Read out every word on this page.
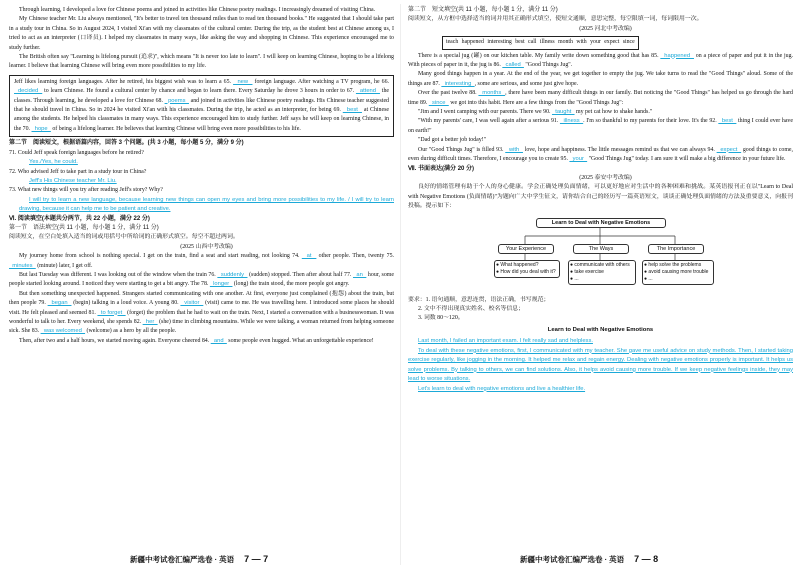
Through learning, I developed a love for Chinese poems and joined in activities like Chinese poetry readings. I increasingly dreamed of visiting China.

My Chinese teacher Mr. Liu always mentioned, "It's better to travel ten thousand miles than to read ten thousand books." He suggested that I should take part in a study tour in China. So in August 2024, I visited Xi'an with my classmates of the cultural center. During the trip, as the student best at Chinese among us, I tried to act as an interpreter (口译员). I helped my classmates in many ways, like asking the way and shopping in Chinese. This experience encouraged me to study further.

The British often say "Learning is lifelong pursuit (追求)", which means "It is never too late to learn". I will keep on learning Chinese, hoping to be a lifelong learner. I believe that learning Chinese will bring even more possibilities to my life.

Jeff likes learning foreign languages. After he retired, his biggest wish was to learn a 65.   new   foreign language. After watching a TV program, he 66.   decided   to learn Chinese. He found a cultural center by chance and began to learn there. Every Saturday he drove 3 hours in order to 67.   attend   the classes. Through learning, he developed a love for Chinese 68.   poems   and joined in activities like Chinese poetry readings. His Chinese teacher suggested that he should travel in China. So in 2024 he visited Xi'an with his classmates. During the trip, he acted as an interpreter, for being 69.   best   at Chinese among the students. He helped his classmates in many ways. This experience encouraged him to study further. Jeff says he will keep on learning Chinese, in the 70.   hope   of being a lifelong learner. He believes that learning Chinese will bring even more possibilities to his life.

第二节　阅读短文，根据语篇内容，回答 3 个问题。(共 3 小题，每小题 5 分，满分 9 分)

71. Could Jeff speak foreign languages before he retired?

Yes./Yes, he could.

72. Who advised Jeff to take part in a study tour in China?

Jeff's His Chinese teacher Mr. Liu.

73. What new things will you try after reading Jeff's story? Why?

I will try to learn a new language, because learning new things can open my eyes and bring more possibilities to my life. / I will try to learn drawing, because it can help me to be patient and creative.

Ⅵ. 阅读填空(本题共分两节，共 22 小题，满分 22 分)
第一节　语法填空(共 11 小题，每小题 1 分，满分 11 分)

阅读短文，在空白处填入适当的词或用括号中所给词的正确形式填空。每空不超过两词。

(2025 山西中考改编)

My journey home from school is nothing special. I get on the train, find a seat and start reading, not looking 74.   at   other people. Then, twenty 75.   minutes   (minute) later, I get off.

But last Tuesday was different. I was looking out of the window when the train 76.   suddenly   (sudden) stopped. Then after about half 77.   an   hour, some people started looking around. I noticed they were starting to get a bit angry. The 78.   longer   (long) the train stood, the more people got angry.

But then something unexpected happened. Strangers started communicating with one another. At first, everyone just complained (抱怨) about the train, but then people 79.   began   (begin) talking in a loud voice. A young 80.   visitor   (visit) came to me. He was travelling here. I introduced some places he should visit. He felt pleased and seemed 81.   to forget   (forget) the problem that he had to wait on the train. Next, I started a conversation with a businesswoman. It was wonderful to talk to her. Every weekend, she spends 82.   her   (she) time in climbing mountains. While we were talking, a woman returned from helping someone sick. She 83.   was welcomed   (welcome) as a hero by all the people.

Then, after two and a half hours, we started moving again. Everyone cheered 84.   and   some people even hugged. What an unforgettable experience!

新疆中考试卷汇编严选卷 · 英语 7 — 7
第二节　短文填空(共 11 小题，每小题 1 分，满分 11 分)

阅读短文，从方框中选择适当的词并用其正确形式填空，使短文通顺，意思完整，每空限填一词，每词限用一次。

(2025 河北中考改编)

teach happened interesting best call illness month with your expect since

There is a special jug (罐) on our kitchen table. My family write down something good that has 85.   happened   on a piece of paper and put it in the jug. With pieces of paper in it, the jug is 86.   called   "Good Things Jug".

Many good things happen in a year. At the end of the year, we get together to empty the jug. We take turns to read the "Good Things" aloud. Some of the things are 87.   interesting  , some are serious, and some just give hope.

Over the past twelve 88.   months  , there have been many difficult things in our family. But noticing the "Good Things" has helped us go through the hard time 89.   since   we got into this habit. Here are a few things from the "Good Things Jug":

"Jim and I went camping with our parents. There we 90.   taught   my pet cat how to shake hands."

"With my parents' care, I was well again after a serious 91.   illness  . I'm so thankful to my parents for their love. It's the 92.   best   thing I could ever have on earth!"

"Dad got a better job today!"

Our "Good Things Jug" is filled 93.   with   love, hope and happiness. The little messages remind us that we can always 94.   expect   good things to come, even during difficult times. Therefore, I encourage you to create 95.   your   "Good Things Jug" today. I am sure it will make a big difference in your future life.

Ⅶ. 书面表达(满分 20 分)

(2025 泰安中考改编)

良好的情绪管理有助于个人的身心健康。学会正确处理负面情绪，可以更好地应对生活中的各种困难和挑战。某英语报刊正在以"Learn to Deal with Negative Emotions (负面情绪)"为题向广大中学生征文，请你结合自己的经历写一篇英语短文，谈谈正确处理负面情绪的方法及重要意义，向报刊投稿。提示如下：

Learn to Deal with Negative Emotions
Your Experience	The Ways	The Importance
● What happened?
● How did you deal with it?
● communicate with others
● take exercise
● ...
● help solve the problems
● avoid causing more trouble
● ...

要求：1. 语句通顺，意思连贯，语法正确，书写规范；

2. 文中不得出现真实姓名、校名等信息；

3. 词数 80～120。

Learn to Deal with Negative Emotions

Last month, I failed an important exam. I felt really sad and helpless.

To deal with these negative emotions, first, I communicated with my teacher. She gave me useful advice on study methods. Then, I started taking exercise regularly, like jogging in the morning. It helped me relax and regain energy. Dealing with negative emotions properly is important. It helps us solve problems. By talking to others, we can find solutions. Also, it helps avoid causing more trouble. If we keep negative feelings inside, they may lead to worse situations.

Let's learn to deal with negative emotions and live a healthier life.

新疆中考试卷汇编严选卷 · 英语 7 — 8
